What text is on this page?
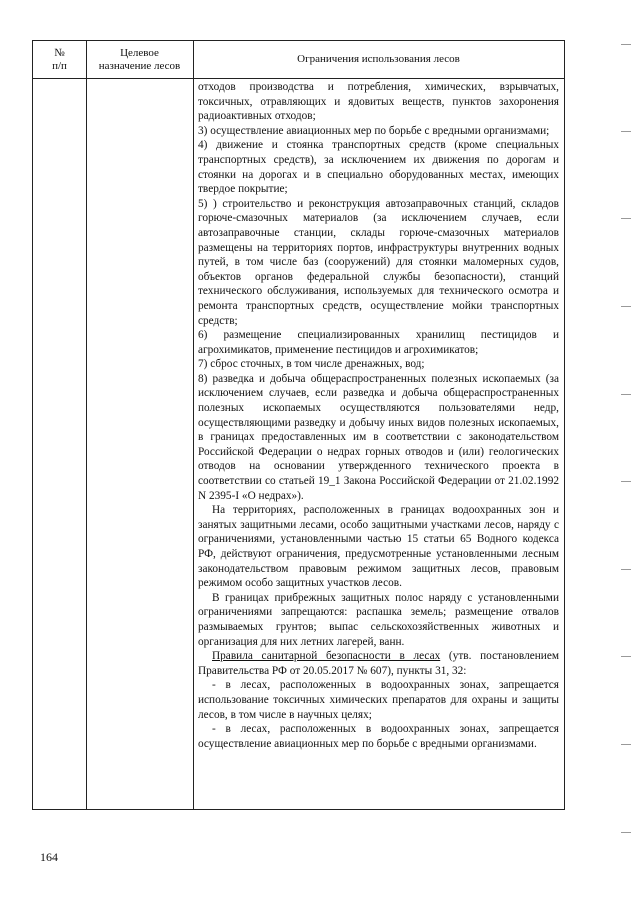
№
п/п
Целевое
назначение лесов
Ограничения использования лесов

отходов производства и потребления, химических, взрывчатых, токсичных, отравляющих и ядовитых веществ, пунктов захоронения радиоактивных отходов;

3) осуществление авиационных мер по борьбе с вредными организмами;

4) движение и стоянка транспортных средств (кроме специальных транспортных средств), за исключением их движения по дорогам и стоянки на дорогах и в специально оборудованных местах, имеющих твердое покрытие;

5) ) строительство и реконструкция автозаправочных станций, складов горюче-смазочных материалов (за исключением случаев, если автозаправочные станции, склады горюче-смазочных материалов размещены на территориях портов, инфраструктуры внутренних водных путей, в том числе баз (сооружений) для стоянки маломерных судов, объектов органов федеральной службы безопасности), станций технического обслуживания, используемых для технического осмотра и ремонта транспортных средств, осуществление мойки транспортных средств;

6) размещение специализированных хранилищ пестицидов и агрохимикатов, применение пестицидов и агрохимикатов;

7) сброс сточных, в том числе дренажных, вод;

8) разведка и добыча общераспространенных полезных ископаемых (за исключением случаев, если разведка и добыча общераспространенных полезных ископаемых осуществляются пользователями недр, осуществляющими разведку и добычу иных видов полезных ископаемых, в границах предоставленных им в соответствии с законодательством Российской Федерации о недрах горных отводов и (или) геологических отводов на основании утвержденного технического проекта в соответствии со статьей 19_1 Закона Российской Федерации от 21.02.1992 N 2395-I «О недрах»).

На территориях, расположенных в границах водоохранных зон и занятых защитными лесами, особо защитными участками лесов, наряду с ограничениями, установленными частью 15 статьи 65 Водного кодекса РФ, действуют ограничения, предусмотренные установленными лесным законодательством правовым режимом защитных лесов, правовым режимом особо защитных участков лесов.

В границах прибрежных защитных полос наряду с установленными ограничениями запрещаются: распашка земель; размещение отвалов размываемых грунтов; выпас сельскохозяйственных животных и организация для них летних лагерей, ванн.

Правила санитарной безопасности в лесах (утв. постановлением Правительства РФ от 20.05.2017 № 607), пункты 31, 32:

- в лесах, расположенных в водоохранных зонах, запрещается использование токсичных химических препаратов для охраны и защиты лесов, в том числе в научных целях;

- в лесах, расположенных в водоохранных зонах, запрещается осуществление авиационных мер по борьбе с вредными организмами.

164
